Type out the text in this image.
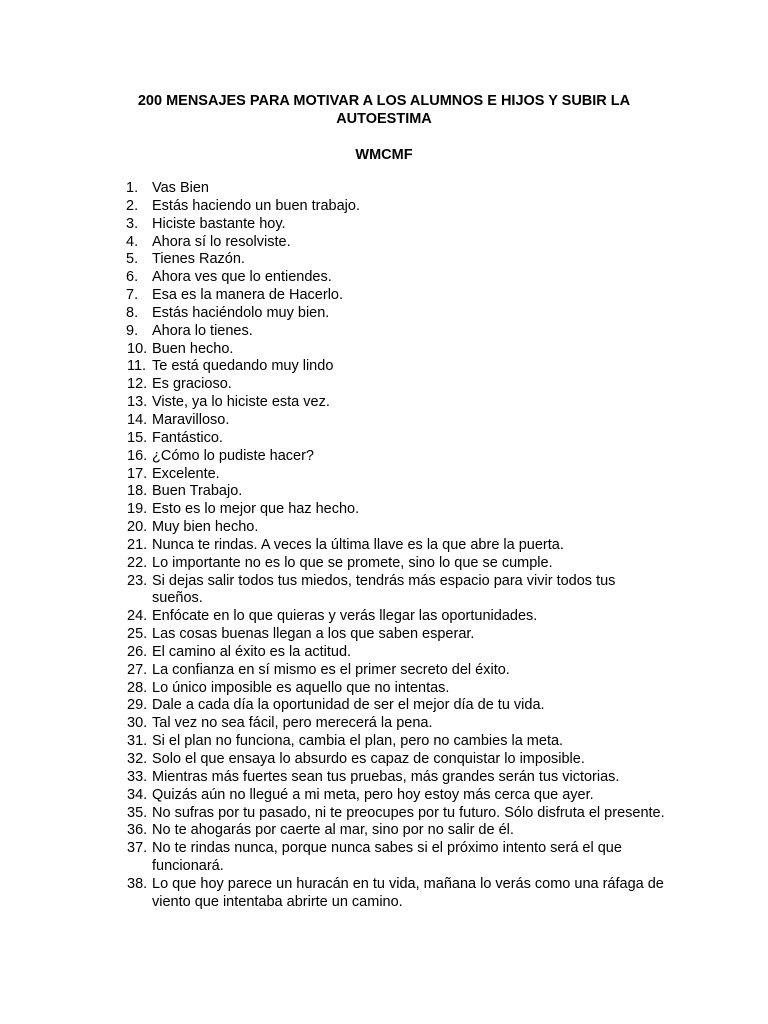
200 MENSAJES PARA MOTIVAR A LOS ALUMNOS E HIJOS Y SUBIR LA AUTOESTIMA
WMCMF
1. Vas Bien
2. Estás haciendo un buen trabajo.
3. Hiciste bastante hoy.
4. Ahora sí lo resolviste.
5. Tienes Razón.
6. Ahora ves que lo entiendes.
7. Esa es la manera de Hacerlo.
8. Estás haciéndolo muy bien.
9. Ahora lo tienes.
10. Buen hecho.
11. Te está quedando muy lindo
12. Es gracioso.
13. Viste, ya lo hiciste esta vez.
14. Maravilloso.
15. Fantástico.
16. ¿Cómo lo pudiste hacer?
17. Excelente.
18. Buen Trabajo.
19. Esto es lo mejor que haz hecho.
20. Muy bien hecho.
21. Nunca te rindas. A veces la última llave es la que abre la puerta.
22. Lo importante no es lo que se promete, sino lo que se cumple.
23. Si dejas salir todos tus miedos, tendrás más espacio para vivir todos tus sueños.
24. Enfócate en lo que quieras y verás llegar las oportunidades.
25. Las cosas buenas llegan a los que saben esperar.
26. El camino al éxito es la actitud.
27. La confianza en sí mismo es el primer secreto del éxito.
28. Lo único imposible es aquello que no intentas.
29. Dale a cada día la oportunidad de ser el mejor día de tu vida.
30. Tal vez no sea fácil, pero merecerá la pena.
31. Si el plan no funciona, cambia el plan, pero no cambies la meta.
32. Solo el que ensaya lo absurdo es capaz de conquistar lo imposible.
33. Mientras más fuertes sean tus pruebas, más grandes serán tus victorias.
34. Quizás aún no llegué a mi meta, pero hoy estoy más cerca que ayer.
35. No sufras por tu pasado, ni te preocupes por tu futuro. Sólo disfruta el presente.
36. No te ahogarás por caerte al mar, sino por no salir de él.
37. No te rindas nunca, porque nunca sabes si el próximo intento será el que funcionará.
38. Lo que hoy parece un huracán en tu vida, mañana lo verás como una ráfaga de viento que intentaba abrirte un camino.
